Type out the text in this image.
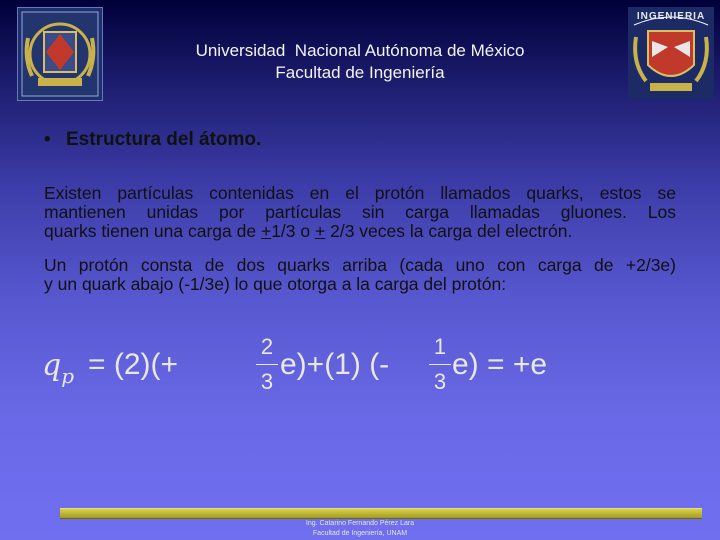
INGENIERIA
Universidad  Nacional Autónoma de México
Facultad de Ingeniería
• Estructura del átomo.
Existen partículas contenidas en el protón llamados quarks, estos se
mantienen unidas por partículas sin carga llamadas gluones. Los
quarks tienen una carga de +1/3 o + 2/3 veces la carga del electrón.
Un protón consta de dos quarks arriba (cada uno con carga de +2/3e)
y un quark abajo (-1/3e) lo que otorga a la carga del protón:
$q_p = (2)(+$
2
3
e)+(1) (-
1
3
e) = +e
Ing. Catarino Fernando Pérez Lara
Facultad de Ingeniería, UNAM
